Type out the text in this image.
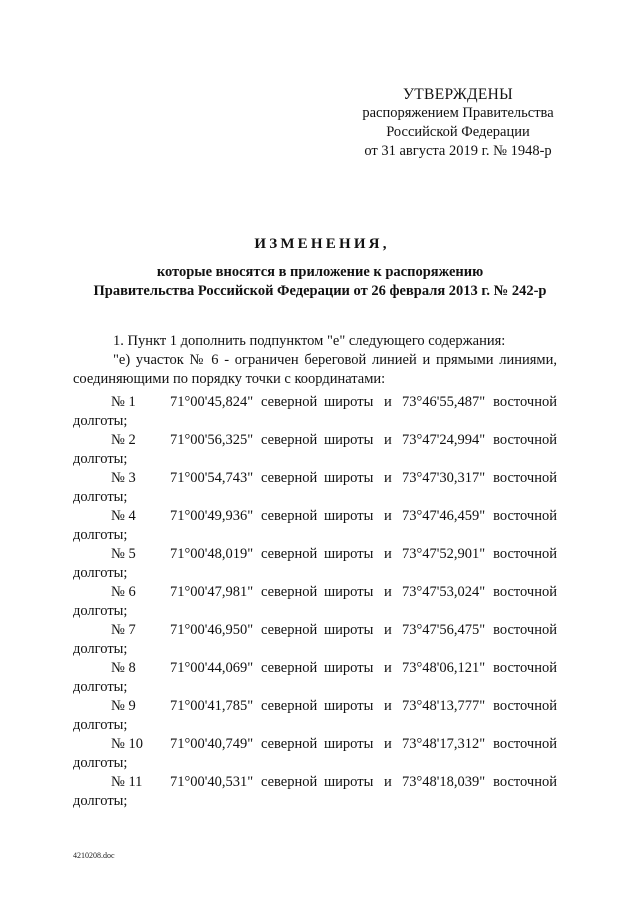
УТВЕРЖДЕНЫ
распоряжением Правительства
Российской Федерации
от 31 августа 2019 г. № 1948-р
ИЗМЕНЕНИЯ,
которые вносятся в приложение к распоряжению
Правительства Российской Федерации от 26 февраля 2013 г. № 242-р
1. Пункт 1 дополнить подпунктом "е" следующего содержания:
"е) участок № 6 - ограничен береговой линией и прямыми линиями,
соединяющими по порядку точки с координатами:
№ 1 71°00'45,824" северной широты и 73°46'55,487" восточной
долготы;
№ 2 71°00'56,325" северной широты и 73°47'24,994" восточной
долготы;
№ 3 71°00'54,743" северной широты и 73°47'30,317" восточной
долготы;
№ 4 71°00'49,936" северной широты и 73°47'46,459" восточной
долготы;
№ 5 71°00'48,019" северной широты и 73°47'52,901" восточной
долготы;
№ 6 71°00'47,981" северной широты и 73°47'53,024" восточной
долготы;
№ 7 71°00'46,950" северной широты и 73°47'56,475" восточной
долготы;
№ 8 71°00'44,069" северной широты и 73°48'06,121" восточной
долготы;
№ 9 71°00'41,785" северной широты и 73°48'13,777" восточной
долготы;
№ 10 71°00'40,749" северной широты и 73°48'17,312" восточной
долготы;
№ 11 71°00'40,531" северной широты и 73°48'18,039" восточной
долготы;
4210208.doc
